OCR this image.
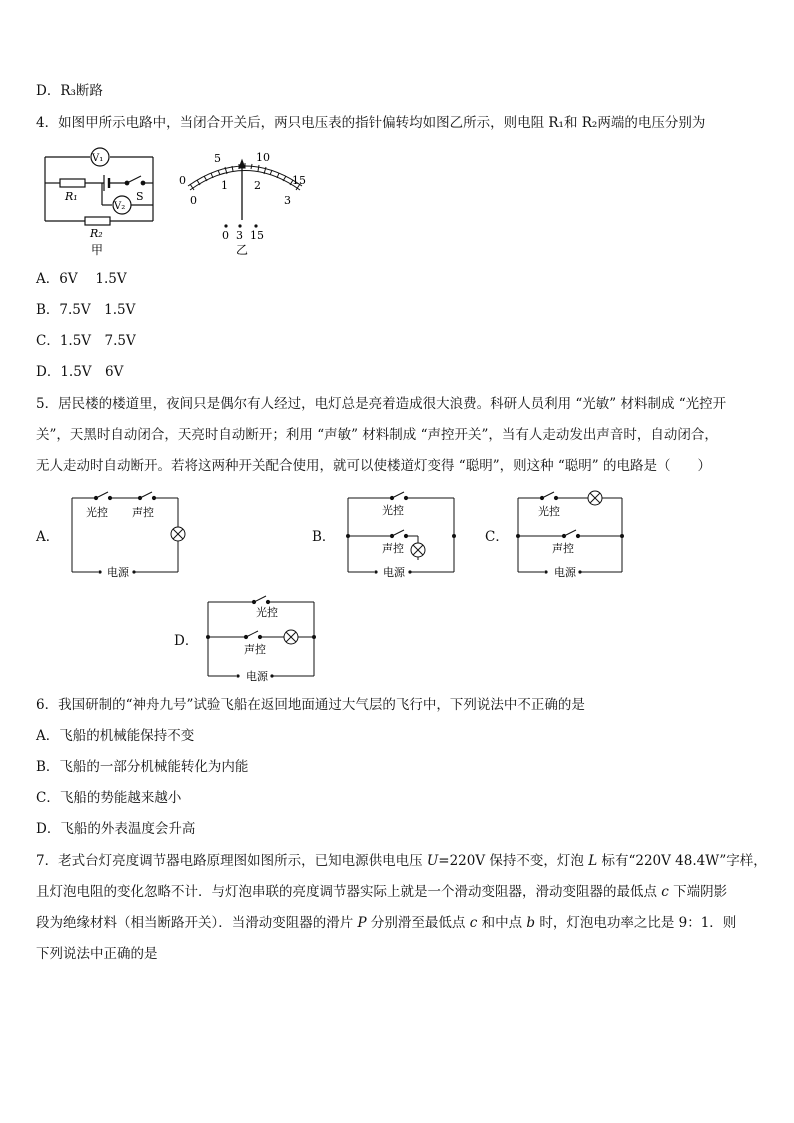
D．R₃断路
4．如图甲所示电路中，当闭合开关后，两只电压表的指针偏转均如图乙所示，则电阻 R₁和 R₂两端的电压分别为
V₁
V₂
R₁
R₂
S
甲
0
5	10
15
0
1 2
3
0 3 15
乙
A．6V　 1.5V
B．7.5V　1.5V
C．1.5V　7.5V
D．1.5V　6V
5．居民楼的楼道里，夜间只是偶尔有人经过，电灯总是亮着造成很大浪费。科研人员利用 “光敏” 材料制成 “光控开
关”，天黑时自动闭合，天亮时自动断开；利用 “声敏” 材料制成 “声控开关”，当有人走动发出声音时，自动闭合，
无人走动时自动断开。若将这两种开关配合使用，就可以使楼道灯变得 “聪明”，则这种 “聪明” 的电路是（　　）
A．
光控 声控
电源
B．
光控
声控
电源
C．
光控
声控
电源
D．
光控
声控
电源
6．我国研制的“神舟九号”试验飞船在返回地面通过大气层的飞行中，下列说法中不正确的是
A．飞船的机械能保持不变
B．飞船的一部分机械能转化为内能
C．飞船的势能越来越小
D．飞船的外表温度会升高
7．老式台灯亮度调节器电路原理图如图所示，已知电源供电电压 U=220V 保持不变，灯泡 L 标有“220V 48.4W”字样，
且灯泡电阻的变化忽略不计．与灯泡串联的亮度调节器实际上就是一个滑动变阻器，滑动变阻器的最低点 c 下端阴影
段为绝缘材料（相当断路开关）．当滑动变阻器的滑片 P 分别滑至最低点 c 和中点 b 时，灯泡电功率之比是 9：1．则
下列说法中正确的是
